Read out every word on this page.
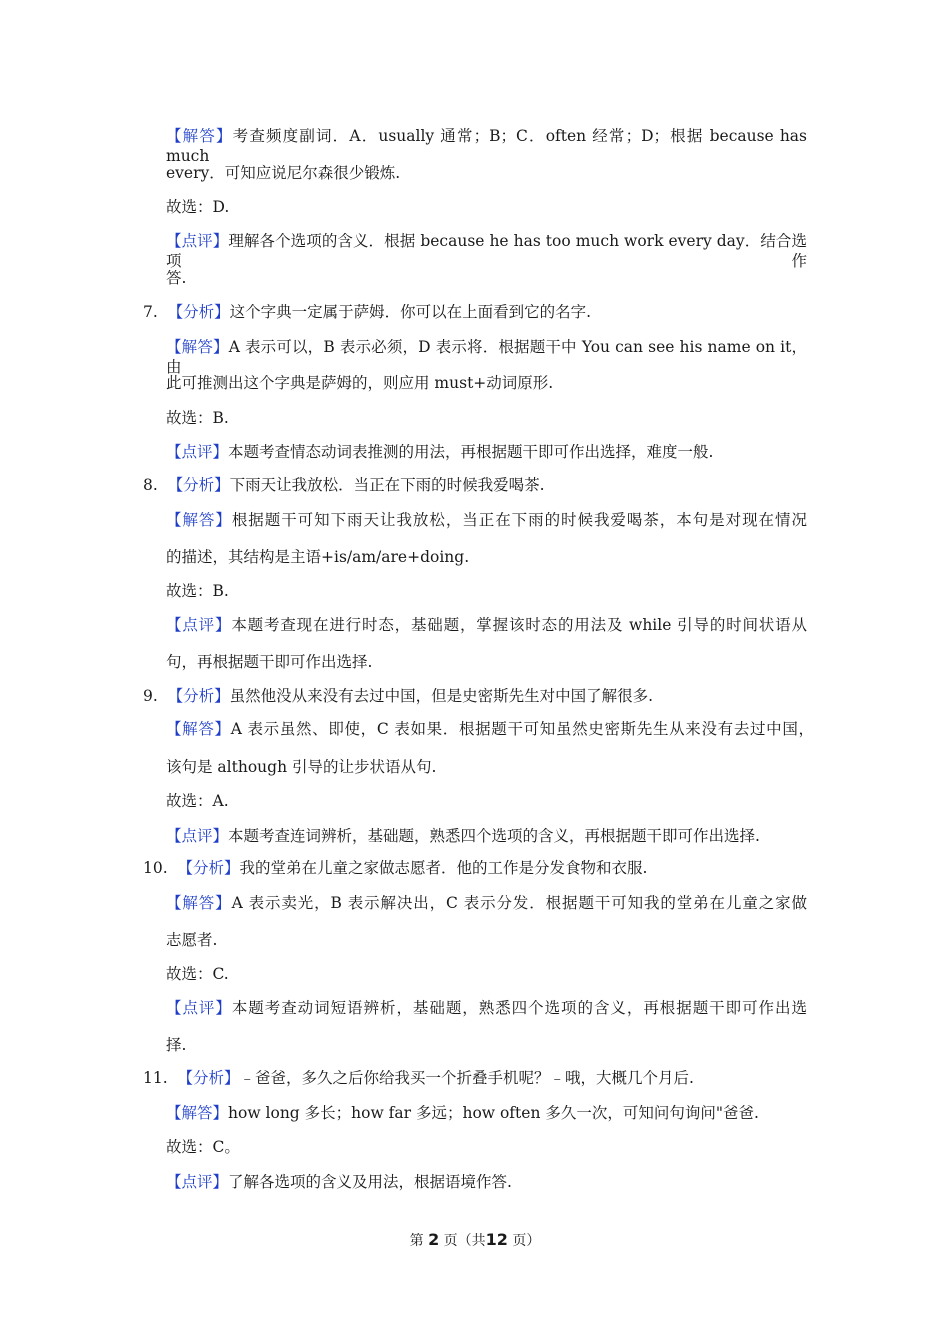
【解答】考查频度副词．A．usually 通常；B；C．often 经常；D；根据 because has much
every．可知应说尼尔森很少锻炼.
故选：D.
【点评】理解各个选项的含义．根据 because he has too much work every day．结合选项作
答.
7. 【分析】这个字典一定属于萨姆．你可以在上面看到它的名字.
【解答】A 表示可以，B 表示必须，D 表示将．根据题干中 You can see his name on it，由
此可推测出这个字典是萨姆的，则应用 must+动词原形.
故选：B.
【点评】本题考查情态动词表推测的用法，再根据题干即可作出选择，难度一般.
8. 【分析】下雨天让我放松．当正在下雨的时候我爱喝茶.
【解答】根据题干可知下雨天让我放松，当正在下雨的时候我爱喝茶，本句是对现在情况
的描述，其结构是主语+is/am/are+doing.
故选：B.
【点评】本题考查现在进行时态，基础题，掌握该时态的用法及 while 引导的时间状语从
句，再根据题干即可作出选择.
9. 【分析】虽然他没从来没有去过中国，但是史密斯先生对中国了解很多.
【解答】A 表示虽然、即使，C 表如果．根据题干可知虽然史密斯先生从来没有去过中国，
该句是 although 引导的让步状语从句.
故选：A.
【点评】本题考查连词辨析，基础题，熟悉四个选项的含义，再根据题干即可作出选择.
10. 【分析】我的堂弟在儿童之家做志愿者．他的工作是分发食物和衣服.
【解答】A 表示卖光，B 表示解决出，C 表示分发．根据题干可知我的堂弟在儿童之家做
志愿者.
故选：C.
【点评】本题考查动词短语辨析，基础题，熟悉四个选项的含义，再根据题干即可作出选
择.
11. 【分析】﹣爸爸，多久之后你给我买一个折叠手机呢？﹣哦，大概几个月后.
【解答】how long 多长；how far 多远；how often 多久一次，可知问句询问"爸爸.
故选：C。
【点评】了解各选项的含义及用法，根据语境作答.
第 2 页（共12 页）
